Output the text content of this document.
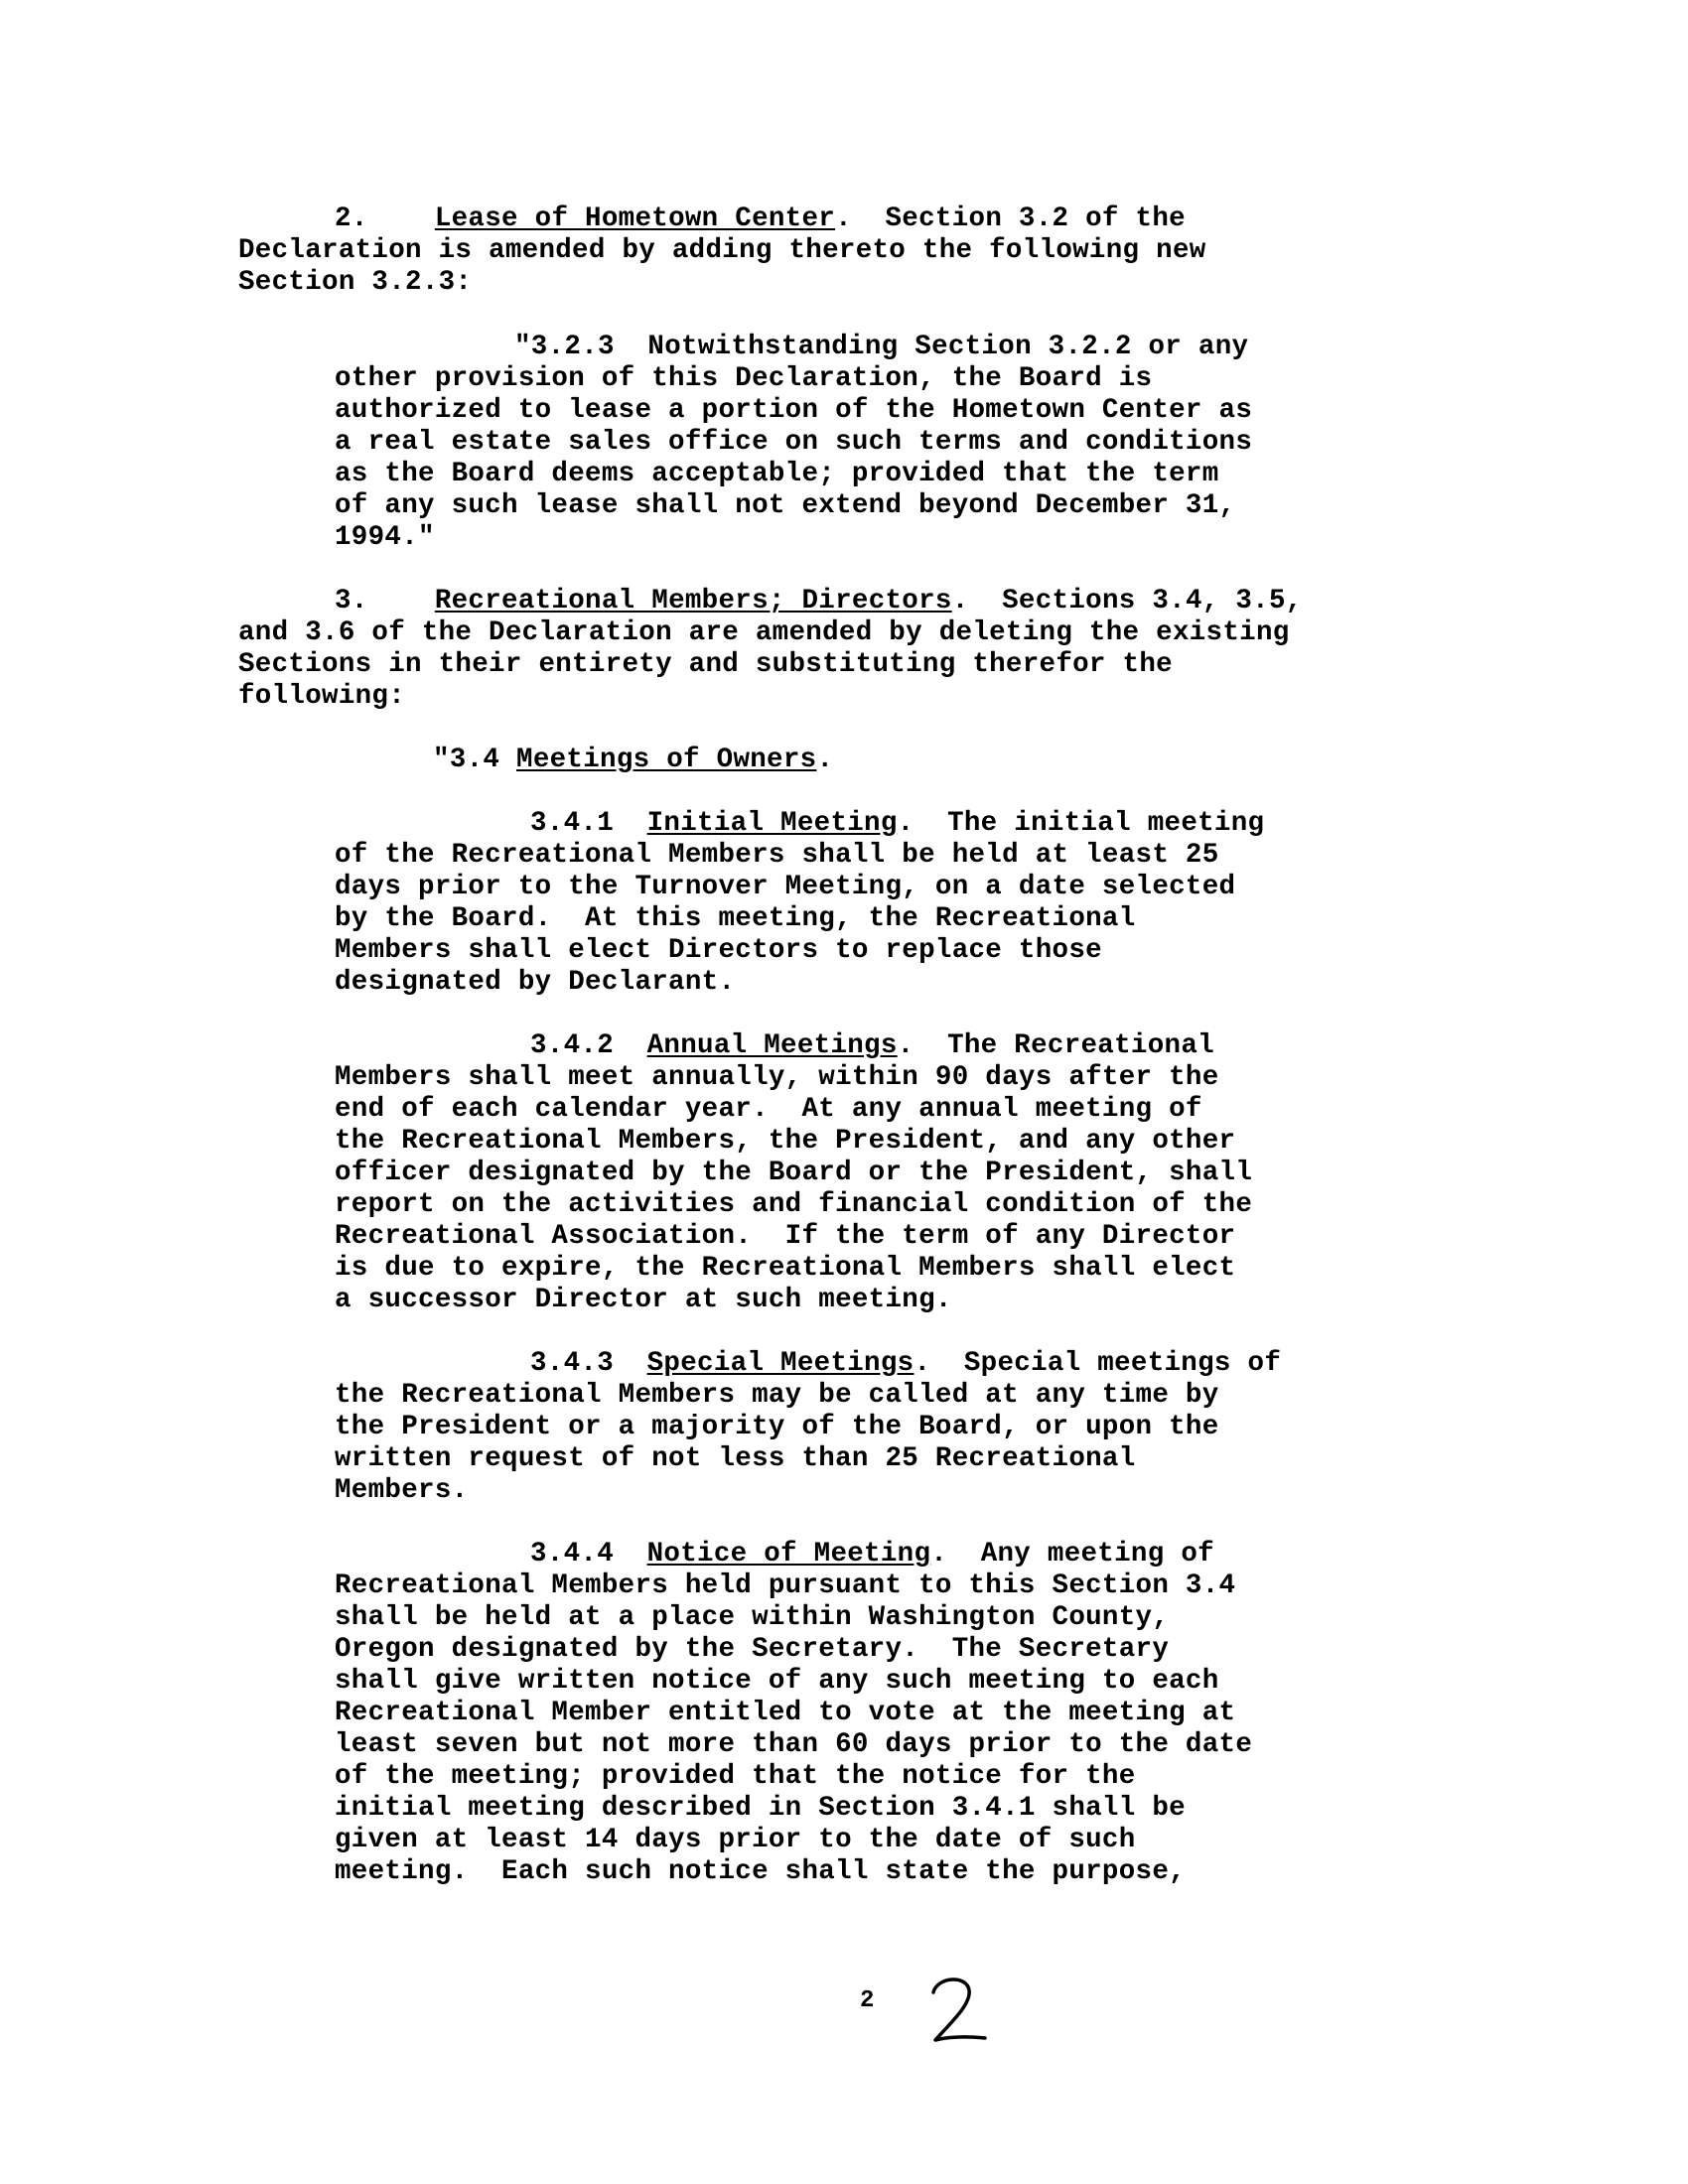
2. Lease of Hometown Center.  Section 3.2 of the
Declaration is amended by adding thereto the following new
Section 3.2.3:
"3.2.3  Notwithstanding Section 3.2.2 or any
other provision of this Declaration, the Board is
authorized to lease a portion of the Hometown Center as
a real estate sales office on such terms and conditions
as the Board deems acceptable; provided that the term
of any such lease shall not extend beyond December 31,
1994."
3. Recreational Members; Directors.  Sections 3.4, 3.5,
and 3.6 of the Declaration are amended by deleting the existing
Sections in their entirety and substituting therefor the
following:
"3.4 Meetings of Owners.
3.4.1  Initial Meeting.  The initial meeting
of the Recreational Members shall be held at least 25
days prior to the Turnover Meeting, on a date selected
by the Board.  At this meeting, the Recreational
Members shall elect Directors to replace those
designated by Declarant.
3.4.2  Annual Meetings.  The Recreational
Members shall meet annually, within 90 days after the
end of each calendar year.  At any annual meeting of
the Recreational Members, the President, and any other
officer designated by the Board or the President, shall
report on the activities and financial condition of the
Recreational Association.  If the term of any Director
is due to expire, the Recreational Members shall elect
a successor Director at such meeting.
3.4.3  Special Meetings.  Special meetings of
the Recreational Members may be called at any time by
the President or a majority of the Board, or upon the
written request of not less than 25 Recreational
Members.
3.4.4  Notice of Meeting.  Any meeting of
Recreational Members held pursuant to this Section 3.4
shall be held at a place within Washington County,
Oregon designated by the Secretary.  The Secretary
shall give written notice of any such meeting to each
Recreational Member entitled to vote at the meeting at
least seven but not more than 60 days prior to the date
of the meeting; provided that the notice for the
initial meeting described in Section 3.4.1 shall be
given at least 14 days prior to the date of such
meeting.  Each such notice shall state the purpose,
2
